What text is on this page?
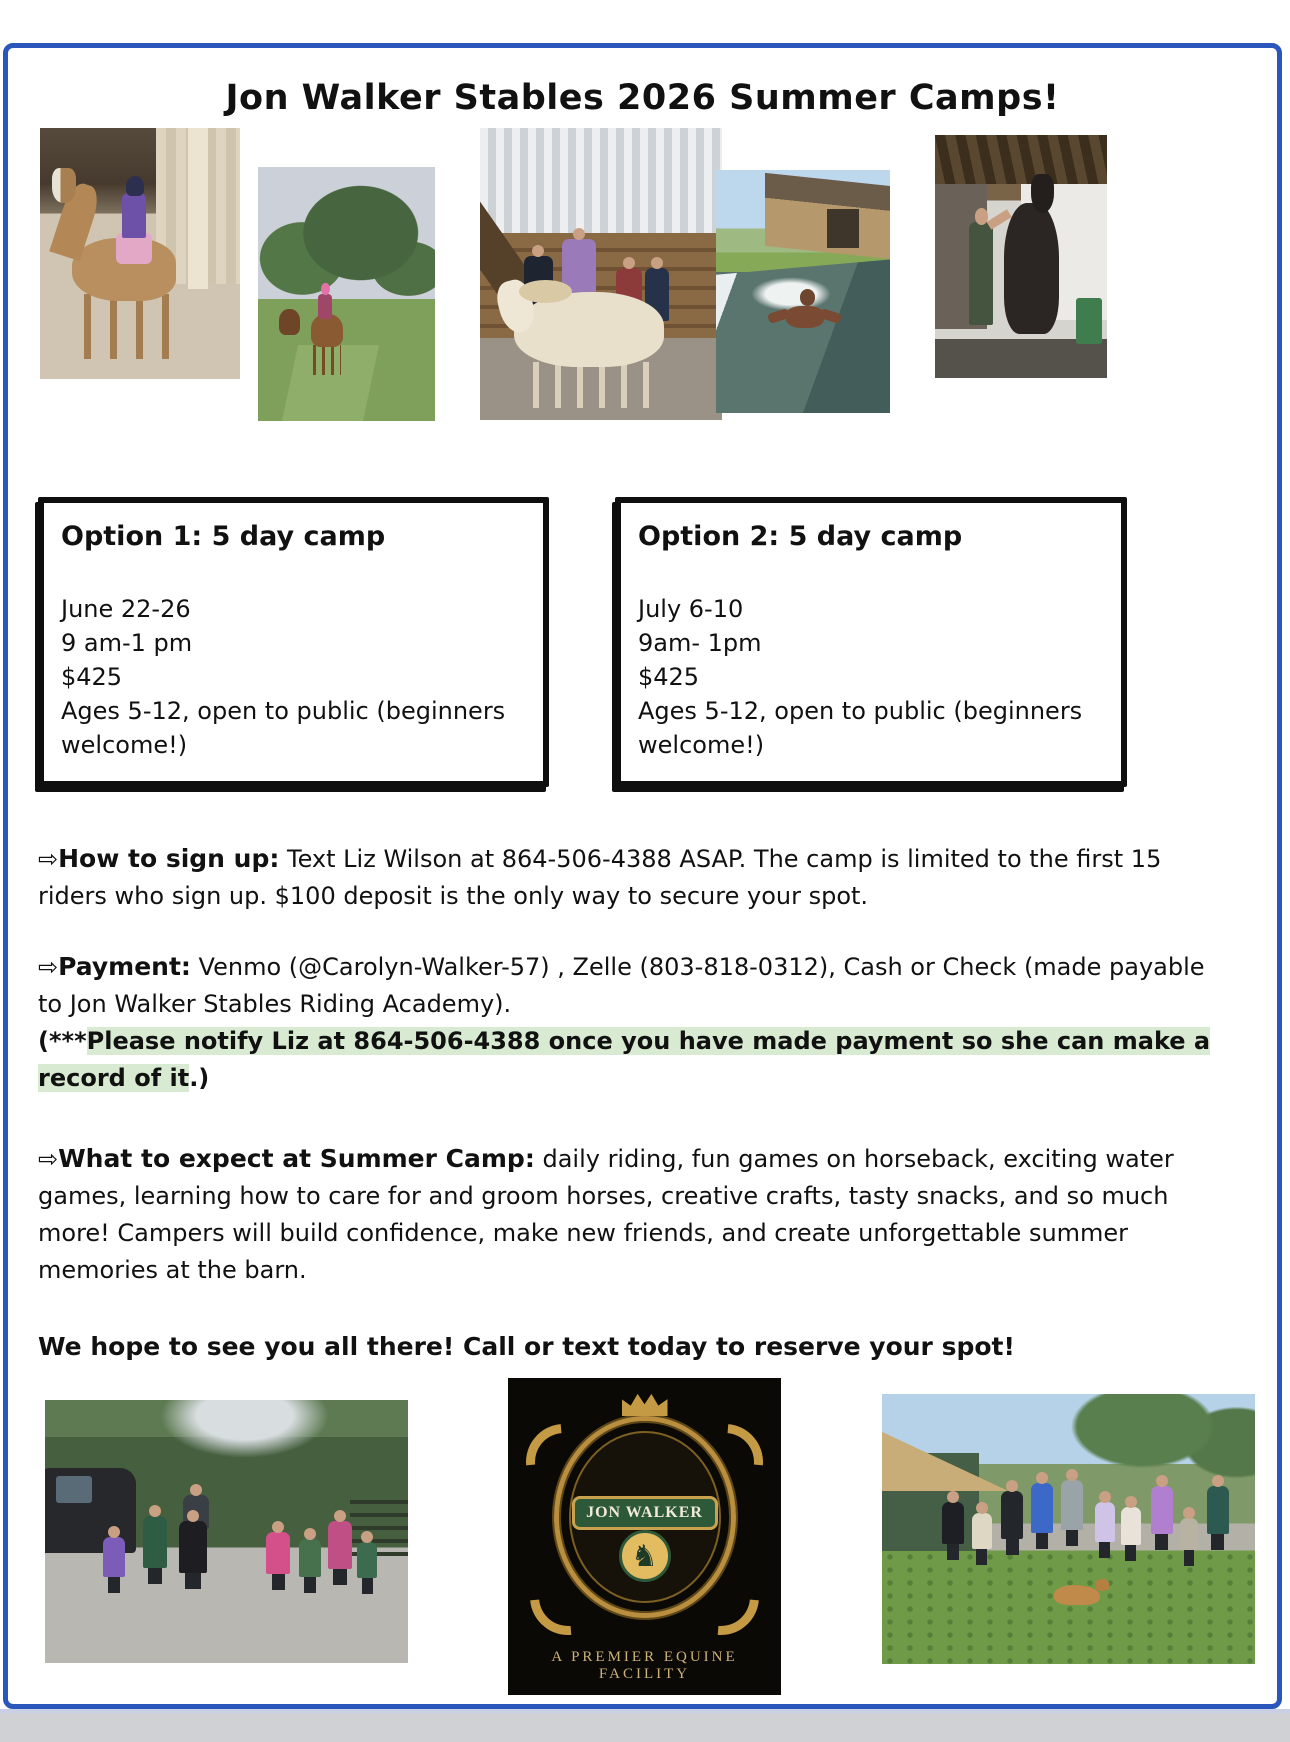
Jon Walker Stables 2026 Summer Camps!
Option 1: 5 day camp
June 22-26
9 am-1 pm
$425
Ages 5-12, open to public (beginners welcome!)
Option 2: 5 day camp
July 6-10
9am- 1pm
$425
Ages 5-12, open to public (beginners welcome!)

⇨How to sign up: Text Liz Wilson at 864-506-4388 ASAP. The camp is limited to the first 15 riders who sign up. $100 deposit is the only way to secure your spot.

⇨Payment: Venmo (@Carolyn-Walker-57) , Zelle (803-818-0312), Cash or Check (made payable to Jon Walker Stables Riding Academy).
(***Please notify Liz at 864-506-4388 once you have made payment so she can make a record of it.)

⇨What to expect at Summer Camp: daily riding, fun games on horseback, exciting water games, learning how to care for and groom horses, creative crafts, tasty snacks, and so much more! Campers will build confidence, make new friends, and create unforgettable summer memories at the barn.

We hope to see you all there! Call or text today to reserve your spot!

JON WALKER
♞
A PREMIER EQUINE FACILITY
